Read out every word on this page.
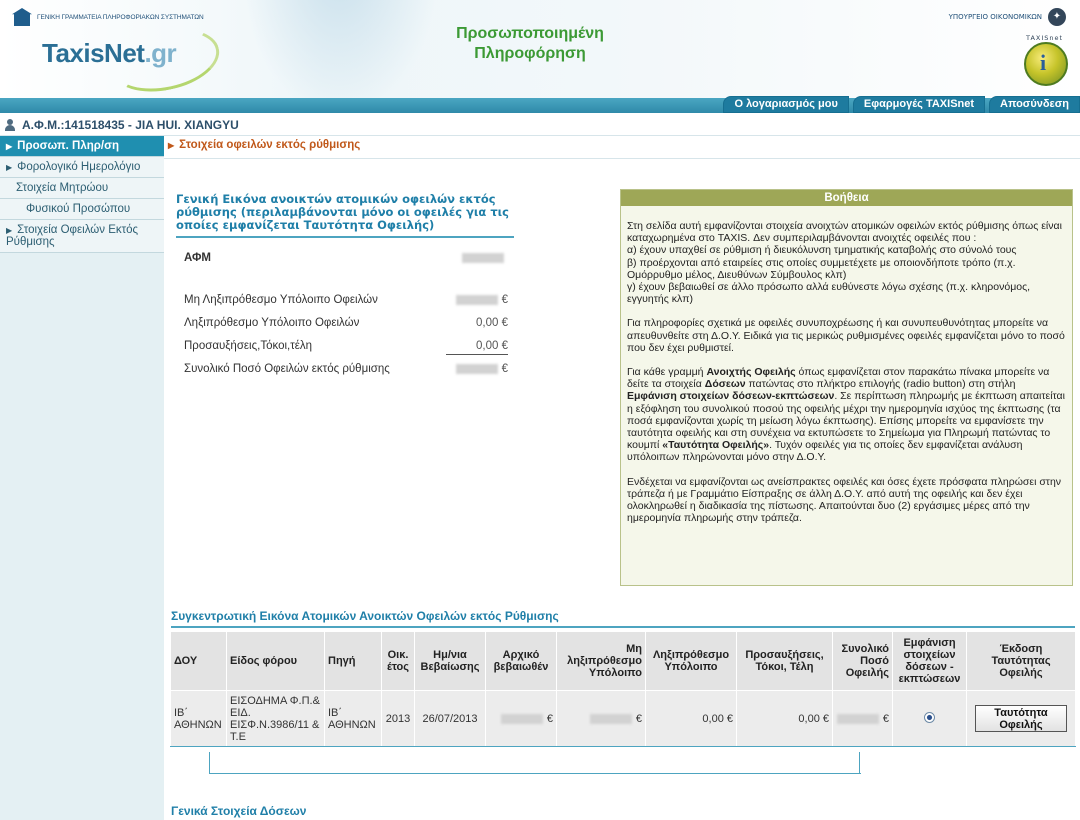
ΓΕΝΙΚΗ ΓΡΑΜΜΑΤΕΙΑ ΠΛΗΡΟΦΟΡΙΑΚΩΝ ΣΥΣΤΗΜΑΤΩΝ
TaxisNet.gr
Προσωποποιημένη
Πληροφόρηση
ΥΠΟΥΡΓΕΙΟ ΟΙΚΟΝΟΜΙΚΩΝ	✦
TAXISnet
i
Ο λογαριασμός μου	Εφαρμογές TAXISnet	Αποσύνδεση
Α.Φ.Μ.:141518435 - JIA HUI. XIANGYU
▶ Προσωπ. Πληρ/ση
▶ Φορολογικό Ημερολόγιο
Στοιχεία Μητρώου
Φυσικού Προσώπου
▶ Στοιχεία Οφειλών Εκτός Ρύθμισης
▶ Στοιχεία οφειλών εκτός ρύθμισης
Γενική Εικόνα ανοικτών ατομικών οφειλών εκτός ρύθμισης (περιλαμβάνονται μόνο οι οφειλές για τις οποίες εμφανίζεται Ταυτότητα Οφειλής)
ΑΦΜ
Μη Ληξιπρόθεσμο Υπόλοιπο Οφειλών	€
Ληξιπρόθεσμο Υπόλοιπο Οφειλών	0,00 €
Προσαυξήσεις,Τόκοι,τέλη	0,00 €
Συνολικό Ποσό Οφειλών εκτός ρύθμισης	€
Βοήθεια

Στη σελίδα αυτή εμφανίζονται στοιχεία ανοιχτών ατομικών οφειλών εκτός ρύθμισης όπως είναι καταχωρημένα στο TAXIS. Δεν συμπεριλαμβάνονται ανοιχτές οφειλές που :
α) έχουν υπαχθεί σε ρύθμιση ή διευκόλυνση τμηματικής καταβολής στο σύνολό τους
β) προέρχονται από εταιρείες στις οποίες συμμετέχετε με οποιονδήποτε τρόπο (π.χ. Ομόρρυθμο μέλος, Διευθύνων Σύμβουλος κλπ)
γ) έχουν βεβαιωθεί σε άλλο πρόσωπο αλλά ευθύνεστε λόγω σχέσης (π.χ. κληρονόμος, εγγυητής κλπ)

Για πληροφορίες σχετικά με οφειλές συνυποχρέωσης ή και συνυπευθυνότητας μπορείτε να απευθυνθείτε στη Δ.Ο.Υ. Ειδικά για τις μερικώς ρυθμισμένες οφειλές εμφανίζεται μόνο το ποσό που δεν έχει ρυθμιστεί.

Για κάθε γραμμή Ανοιχτής Οφειλής όπως εμφανίζεται στον παρακάτω πίνακα μπορείτε να δείτε τα στοιχεία Δόσεων πατώντας στο πλήκτρο επιλογής (radio button) στη στήλη Εμφάνιση στοιχείων δόσεων-εκπτώσεων. Σε περίπτωση πληρωμής με έκπτωση απαιτείται η εξόφληση του συνολικού ποσού της οφειλής μέχρι την ημερομηνία ισχύος της έκπτωσης (τα ποσά εμφανίζονται χωρίς τη μείωση λόγω έκπτωσης). Επίσης μπορείτε να εμφανίσετε την ταυτότητα οφειλής και στη συνέχεια να εκτυπώσετε το Σημείωμα για Πληρωμή πατώντας το κουμπί «Ταυτότητα Οφειλής». Τυχόν οφειλές για τις οποίες δεν εμφανίζεται ανάλυση υπόλοιπων πληρώνονται μόνο στην Δ.Ο.Υ.

Ενδέχεται να εμφανίζονται ως ανείσπρακτες οφειλές και όσες έχετε πρόσφατα πληρώσει στην τράπεζα ή με Γραμμάτιο Είσπραξης σε άλλη Δ.Ο.Υ. από αυτή της οφειλής και δεν έχει ολοκληρωθεί η διαδικασία της πίστωσης. Απαιτούνται δυο (2) εργάσιμες μέρες από την ημερομηνία πληρωμής στην τράπεζα.

Συγκεντρωτική Εικόνα Ατομικών Ανοικτών Οφειλών εκτός Ρύθμισης
ΔΟΥ	Είδος φόρου	Πηγή	Οικ. έτος	Ημ/νια Βεβαίωσης	Αρχικό βεβαιωθέν	Μη ληξιπρόθεσμο Υπόλοιπο	Ληξιπρόθεσμο Υπόλοιπο	Προσαυξήσεις, Τόκοι, Τέλη	Συνολικό Ποσό Οφειλής	Εμφάνιση στοιχείων δόσεων - εκπτώσεων	Έκδοση Ταυτότητας Οφειλής
ΙΒ΄ ΑΘΗΝΩΝ	ΕΙΣΟΔΗΜΑ Φ.Π.& ΕΙΔ. ΕΙΣΦ.Ν.3986/11 & Τ.Ε	ΙΒ΄ ΑΘΗΝΩΝ	2013	26/07/2013	€	€	0,00 €	0,00 €	€		Ταυτότητα Οφειλής
Γενικά Στοιχεία Δόσεων
